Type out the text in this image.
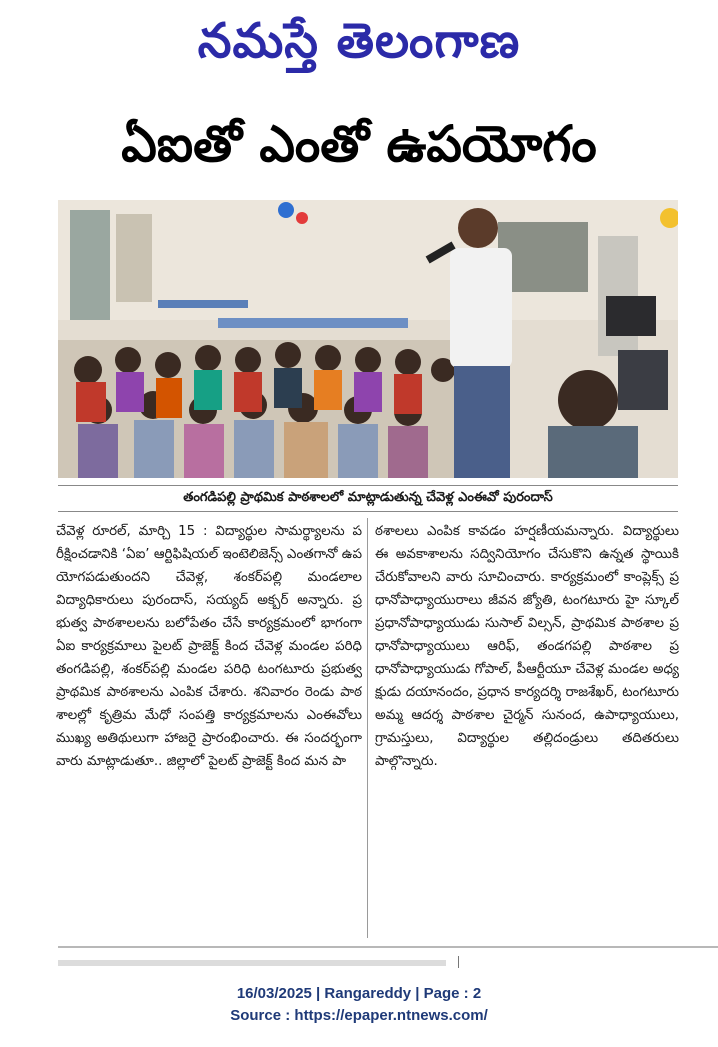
నమస్తే తెలంగాణ
ఏఐతో ఎంతో ఉపయోగం
తంగడిపల్లి ప్రాథమిక పాఠశాలలో మాట్లాడుతున్న చేవెళ్ల ఎంఈవో పురందాస్

చేవెళ్ల రూరల్, మార్చి 15 : విద్యార్థుల సామర్థ్యాలను పరీక్షించడానికి ‘ఏఐ’ ఆర్టిఫిషియల్ ఇంటెలిజెన్స్ ఎంతగానో ఉపయోగపడుతుందని చేవెళ్ల, శంకర్‌పల్లి మండలాల విద్యాధికారులు పురందాస్, సయ్యద్ అక్బర్ అన్నారు. ప్రభుత్వ పాఠశాలలను బలోపేతం చేసే కార్యక్రమంలో భాగంగా ఏఐ కార్యక్రమాలు పైలట్ ప్రాజెక్ట్ కింద చేవెళ్ల మండల పరిధి తంగడిపల్లి, శంకర్‌పల్లి మండల పరిధి టంగటూరు ప్రభుత్వ ప్రాథమిక పాఠశాలను ఎంపిక చేశారు. శనివారం రెండు పాఠశాలల్లో కృత్రిమ మేధో సంపత్తి కార్యక్రమాలను ఎంఈవోలు ముఖ్య అతిథులుగా హాజరై ప్రారంభించారు. ఈ సందర్భంగా వారు మాట్లాడుతూ.. జిల్లాలో పైలట్ ప్రాజెక్ట్ కింద మన పా

ఠశాలలు ఎంపిక కావడం హర్షణీయమన్నారు. విద్యార్థులు ఈ అవకాశాలను సద్వినియోగం చేసుకొని ఉన్నత స్థాయికి చేరుకోవాలని వారు సూచించారు. కార్యక్రమంలో కాంప్లెక్స్ ప్రధానోపాధ్యాయురాలు జీవన జ్యోతి, టంగటూరు హై స్కూల్ ప్రధానోపాధ్యాయుడు సుసాల్ విల్సన్, ప్రాథమిక పాఠశాల ప్రధానోపాధ్యాయులు ఆరిఫ్, తండగపల్లి పాఠశాల ప్రధానోపాధ్యాయుడు గోపాల్, పీఆర్టీయూ చేవెళ్ల మండల అధ్యక్షుడు దయానందం, ప్రధాన కార్యదర్శి రాజశేఖర్, టంగటూరు అమ్మ ఆదర్శ పాఠశాల చైర్మన్ సునంద, ఉపాధ్యాయులు, గ్రామస్తులు, విద్యార్థుల తల్లిదండ్రులు తదితరులు పాల్గొన్నారు.

16/03/2025 | Rangareddy | Page : 2
Source : https://epaper.ntnews.com/
